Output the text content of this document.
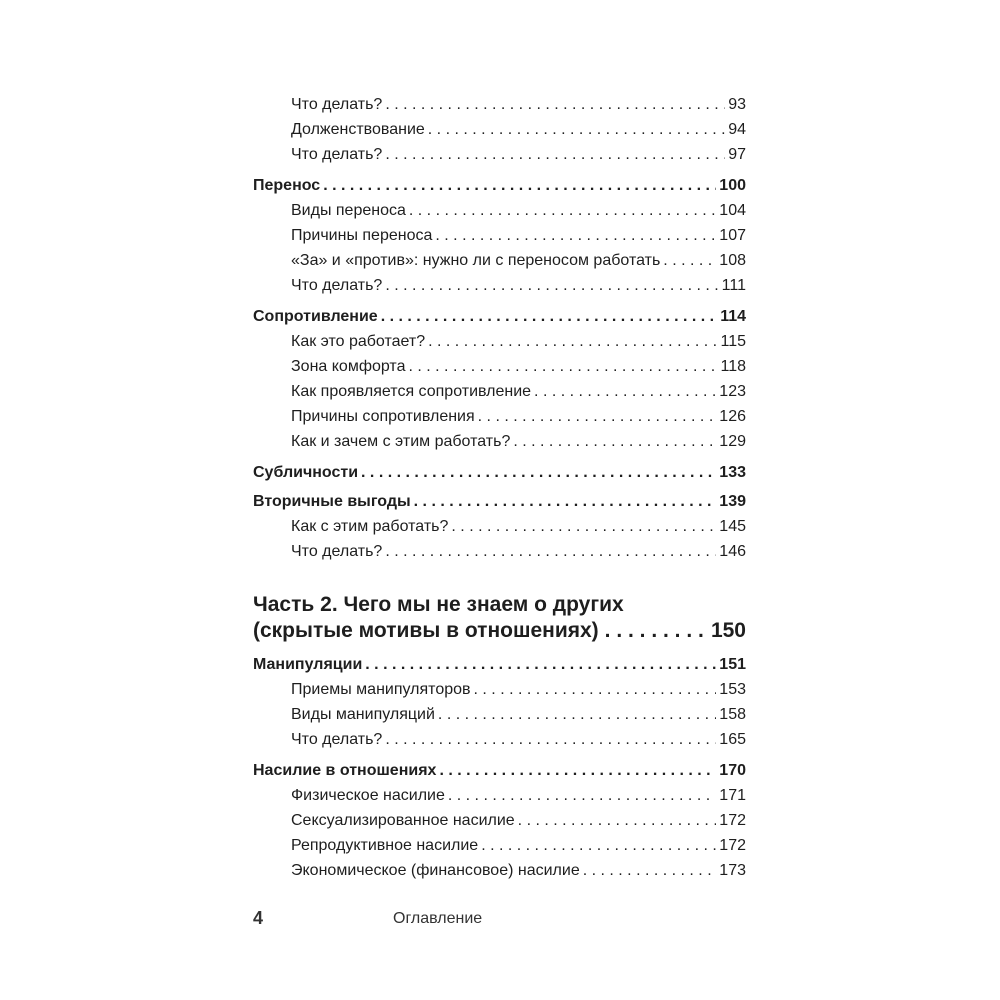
Что делать? . . .	93
Долженствование . . .	94
Что делать? . . .	97
Перенос . . .	100
Виды переноса . . .	104
Причины переноса . . .	107
«За» и «против»: нужно ли с переносом работать . . .	108
Что делать? . . .	111
Сопротивление . . .	114
Как это работает? . . .	115
Зона комфорта . . .	118
Как проявляется сопротивление . . .	123
Причины сопротивления . . .	126
Как и зачем с этим работать? . . .	129
Субличности . . .	133
Вторичные выгоды . . .	139
Как с этим работать? . . .	145
Что делать? . . .	146
Часть 2. Чего мы не знаем о других
(скрытые мотивы в отношениях) . . .	150
Манипуляции . . .	151
Приемы манипуляторов . . .	153
Виды манипуляций . . .	158
Что делать? . . .	165
Насилие в отношениях . . .	170
Физическое насилие . . .	171
Сексуализированное насилие . . .	172
Репродуктивное насилие . . .	172
Экономическое (финансовое) насилие . . .	173
4	Оглавление
